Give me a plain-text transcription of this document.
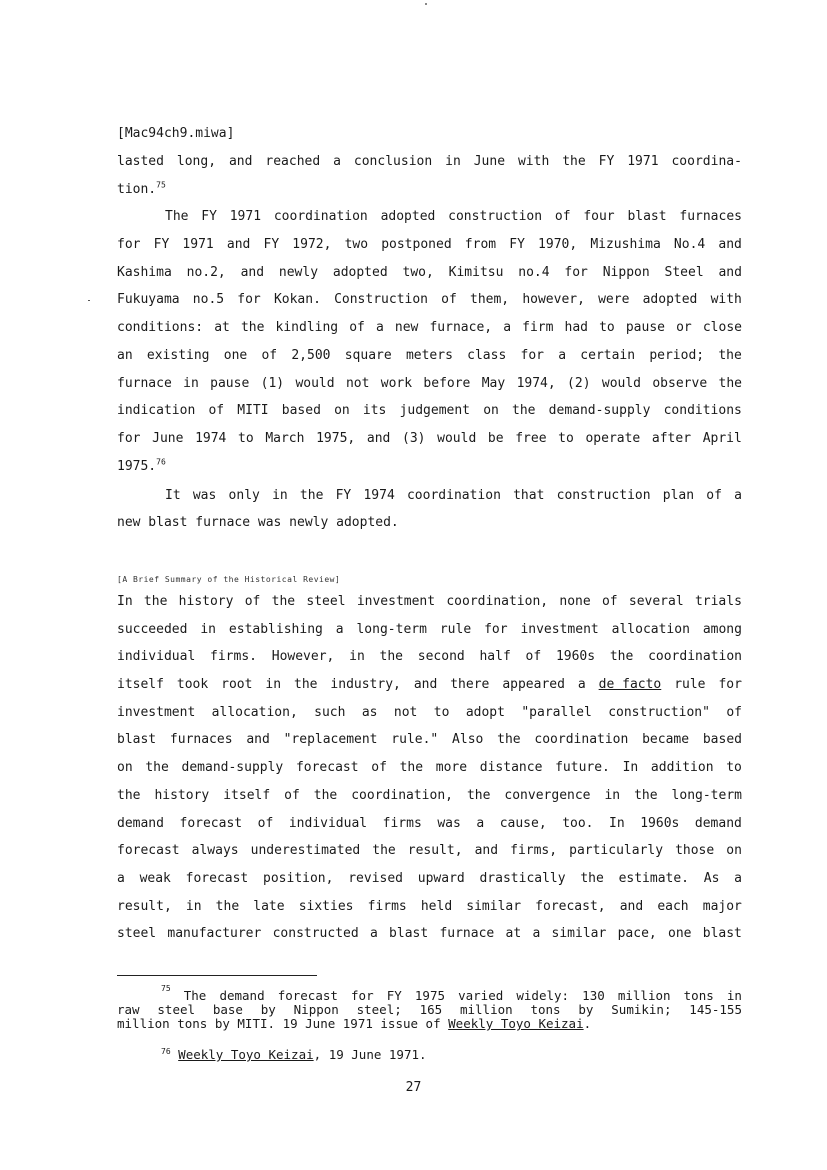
[Mac94ch9.miwa]
lasted long, and reached a conclusion in June with the FY 1971 coordina-
tion.$^{75}$
The FY 1971 coordination adopted construction of four blast furnaces
for FY 1971 and FY 1972, two postponed from FY 1970, Mizushima No.4 and
Kashima no.2, and newly adopted two, Kimitsu no.4 for Nippon Steel and
Fukuyama no.5 for Kokan. Construction of them, however, were adopted with
conditions: at the kindling of a new furnace, a firm had to pause or close
an existing one of 2,500 square meters class for a certain period; the
furnace in pause (1) would not work before May 1974, (2) would observe the
indication of MITI based on its judgement on the demand-supply conditions
for June 1974 to March 1975, and (3) would be free to operate after April
1975.76
It was only in the FY 1974 coordination that construction plan of a
new blast furnace was newly adopted.
[A Brief Summary of the Historical Review]
In the history of the steel investment coordination, none of several trials
succeeded in establishing a long-term rule for investment allocation among
individual firms. However, in the second half of 1960s the coordination
itself took root in the industry, and there appeared a de facto rule for
investment allocation, such as not to adopt "parallel construction" of
blast furnaces and "replacement rule." Also the coordination became based
on the demand-supply forecast of the more distance future. In addition to
the history itself of the coordination, the convergence in the long-term
demand forecast of individual firms was a cause, too. In 1960s demand
forecast always underestimated the result, and firms, particularly those on
a weak forecast position, revised upward drastically the estimate. As a
result, in the late sixties firms held similar forecast, and each major
steel manufacturer constructed a blast furnace at a similar pace, one blast
75 The demand forecast for FY 1975 varied widely: 130 million tons in
raw steel base by Nippon steel; 165 million tons by Sumikin; 145-155
million tons by MITI. 19 June 1971 issue of Weekly Toyo Keizai.
$^{76}$ Weekly Toyo Keizai, 19 June 1971.
27
